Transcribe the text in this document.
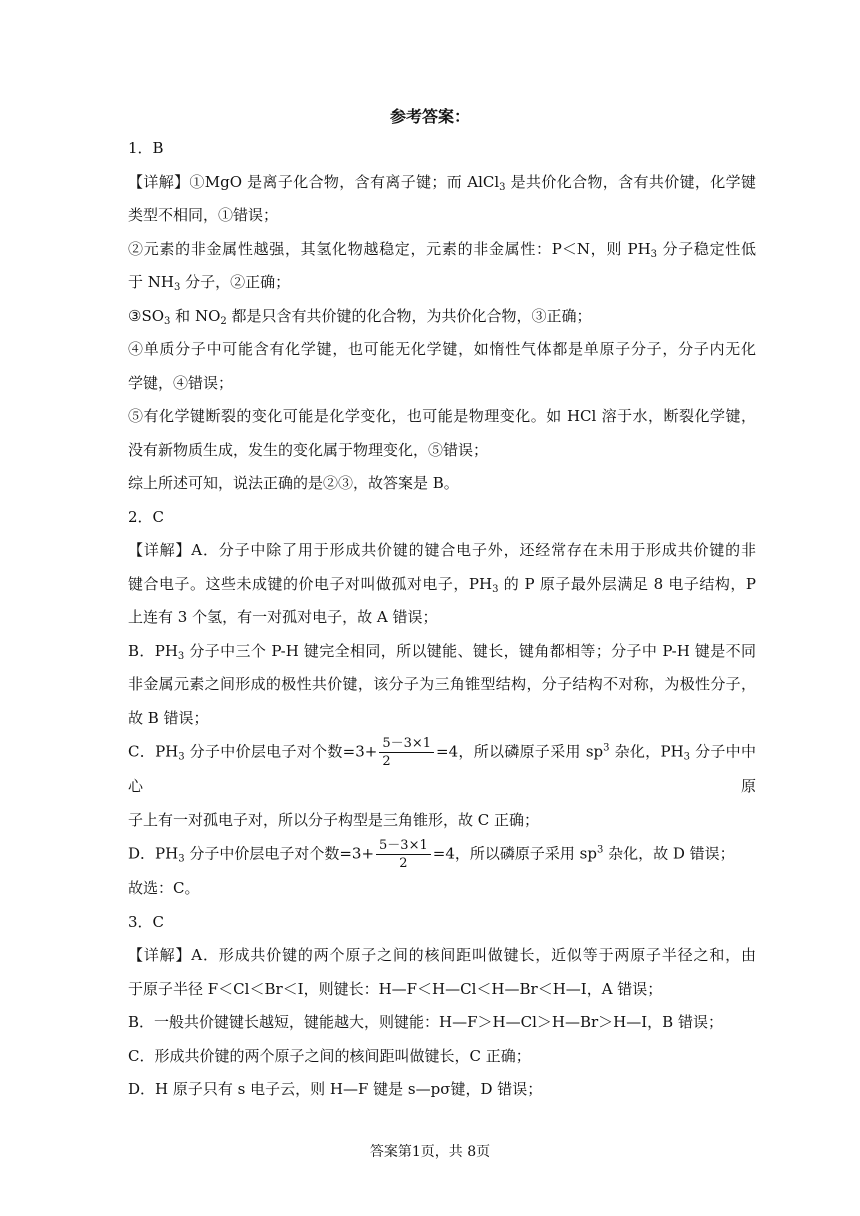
参考答案：

1．B

【详解】①MgO 是离子化合物，含有离子键；而 AlCl$_3$ 是共价化合物，含有共价键，化学键

类型不相同，①错误；

②元素的非金属性越强，其氢化物越稳定，元素的非金属性：P＜N，则 $PH_3$ 分子稳定性低

于 $NH_3$ 分子，②正确；

$③SO_3$ 和 $NO_2$ 都是只含有共价键的化合物，为共价化合物，③正确；

④单质分子中可能含有化学键，也可能无化学键，如惰性气体都是单原子分子，分子内无化

学键，④错误；

⑤有化学键断裂的变化可能是化学变化，也可能是物理变化。如 HCl 溶于水，断裂化学键，

没有新物质生成，发生的变化属于物理变化，⑤错误；

综上所述可知，说法正确的是②③，故答案是 B。

2．C

【详解】A．分子中除了用于形成共价键的键合电子外，还经常存在未用于形成共价键的非

键合电子。这些未成键的价电子对叫做孤对电子，$PH_3$ 的 P 原子最外层满足 8 电子结构，P

上连有 3 个氢，有一对孤对电子，故 A 错误；

B．$PH_3$ 分子中三个 P-H 键完全相同，所以键能、键长，键角都相等；分子中 P-H 键是不同

非金属元素之间形成的极性共价键，该分子为三角锥型结构，分子结构不对称，为极性分子，

故 B 错误；

C．$PH_3$ 分子中价层电子对个数$=3+ \frac{5-3\times 1}{2} =4$，所以磷原子采用 $sp^3$ 杂化，$PH_3$ 分子中中心原

子上有一对孤电子对，所以分子构型是三角锥形，故 C 正确；

D．$PH_3$ 分子中价层电子对个数$=3+ \frac{5-3\times 1}{2} =4$，所以磷原子采用 $sp^3$ 杂化，故 D 错误；

故选：C。

3．C

【详解】A．形成共价键的两个原子之间的核间距叫做键长，近似等于两原子半径之和，由

于原子半径 F＜Cl＜Br＜I，则键长：H—F＜H—Cl＜H—Br＜H—I，A 错误；

B．一般共价键键长越短，键能越大，则键能：H—F＞H—Cl＞H—Br＞H—I，B 错误；

C．形成共价键的两个原子之间的核间距叫做键长，C 正确；

D．H 原子只有 s 电子云，则 H—F 键是 s—pσ键，D 错误；

答案第1页，共 8页
